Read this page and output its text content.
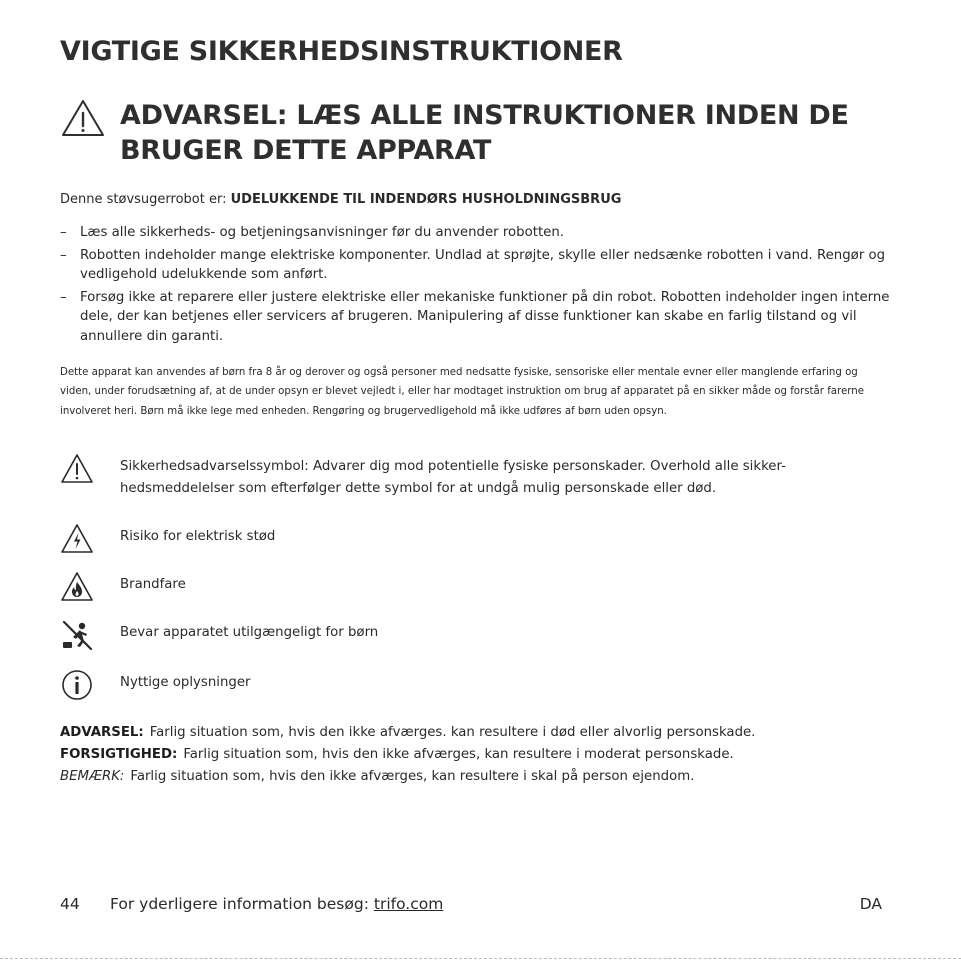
VIGTIGE SIKKERHEDSINSTRUKTIONER
ADVARSEL: LÆS ALLE INSTRUKTIONER INDEN DE BRUGER DETTE APPARAT
Denne støvsugerrobot er: UDELUKKENDE TIL INDENDØRS HUSHOLDNINGSBRUG
– Læs alle sikkerheds- og betjeningsanvisninger før du anvender robotten.
– Robotten indeholder mange elektriske komponenter. Undlad at sprøjte, skylle eller nedsænke robotten i vand. Rengør og vedligehold udelukkende som anført.
– Forsøg ikke at reparere eller justere elektriske eller mekaniske funktioner på din robot. Robotten indeholder ingen interne dele, der kan betjenes eller servicers af brugeren. Manipulering af disse funktioner kan skabe en farlig tilstand og vil annullere din garanti.
Dette apparat kan anvendes af børn fra 8 år og derover og også personer med nedsatte fysiske, sensoriske eller mentale evner eller manglende erfaring og viden, under forudsætning af, at de under opsyn er blevet vejledt i, eller har modtaget instruktion om brug af apparatet på en sikker måde og forstår farerne involveret heri. Børn må ikke lege med enheden. Rengøring og brugervedligehold må ikke udføres af børn uden opsyn.
Sikkerhedsadvarselssymbol: Advarer dig mod potentielle fysiske personskader. Overhold alle sikker-hedsmeddelelser som efterfølger dette symbol for at undgå mulig personskade eller død.
Risiko for elektrisk stød
Brandfare
Bevar apparatet utilgængeligt for børn
Nyttige oplysninger
ADVARSEL: Farlig situation som, hvis den ikke afværges. kan resultere i død eller alvorlig personskade.
FORSIGTIGHED: Farlig situation som, hvis den ikke afværges, kan resultere i moderat personskade.
BEMÆRK: Farlig situation som, hvis den ikke afværges, kan resultere i skal på person ejendom.
44 For yderligere information besøg: trifo.com	DA
